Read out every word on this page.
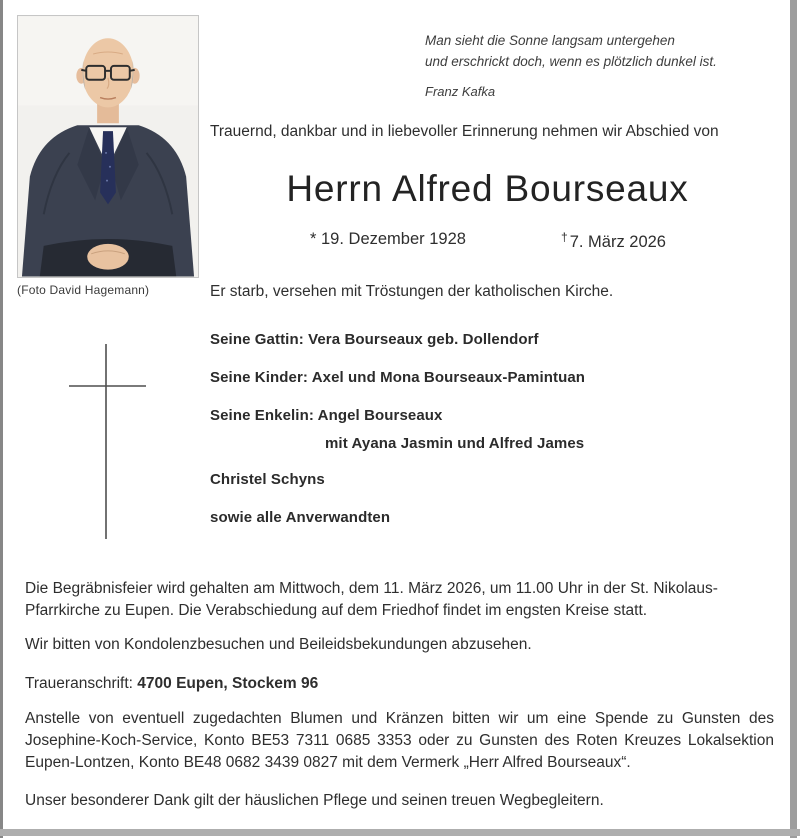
(Foto David Hagemann)
Man sieht die Sonne langsam untergehen
und erschrickt doch, wenn es plötzlich dunkel ist.
Franz Kafka
Trauernd, dankbar und in liebevoller Erinnerung nehmen wir Abschied von
Herrn Alfred Bourseaux
* 19. Dezember 1928	† 7. März 2026
Er starb, versehen mit Tröstungen der katholischen Kirche.
Seine Gattin: Vera Bourseaux geb. Dollendorf
Seine Kinder: Axel und Mona Bourseaux-Pamintuan
Seine Enkelin: Angel Bourseaux
mit Ayana Jasmin und Alfred James
Christel Schyns
sowie alle Anverwandten
Die Begräbnisfeier wird gehalten am Mittwoch, dem 11. März 2026, um 11.00 Uhr in der St. Nikolaus-Pfarrkirche zu Eupen. Die Verabschiedung auf dem Friedhof findet im engsten Kreise statt.
Wir bitten von Kondolenzbesuchen und Beileidsbekundungen abzusehen.
Traueranschrift: 4700 Eupen, Stockem 96
Anstelle von eventuell zugedachten Blumen und Kränzen bitten wir um eine Spende zu Gunsten des Josephine-Koch-Service, Konto BE53 7311 0685 3353 oder zu Gunsten des Roten Kreuzes Lokalsektion Eupen-Lontzen, Konto BE48 0682 3439 0827 mit dem Vermerk „Herr Alfred Bourseaux“.
Unser besonderer Dank gilt der häuslichen Pflege und seinen treuen Wegbegleitern.
